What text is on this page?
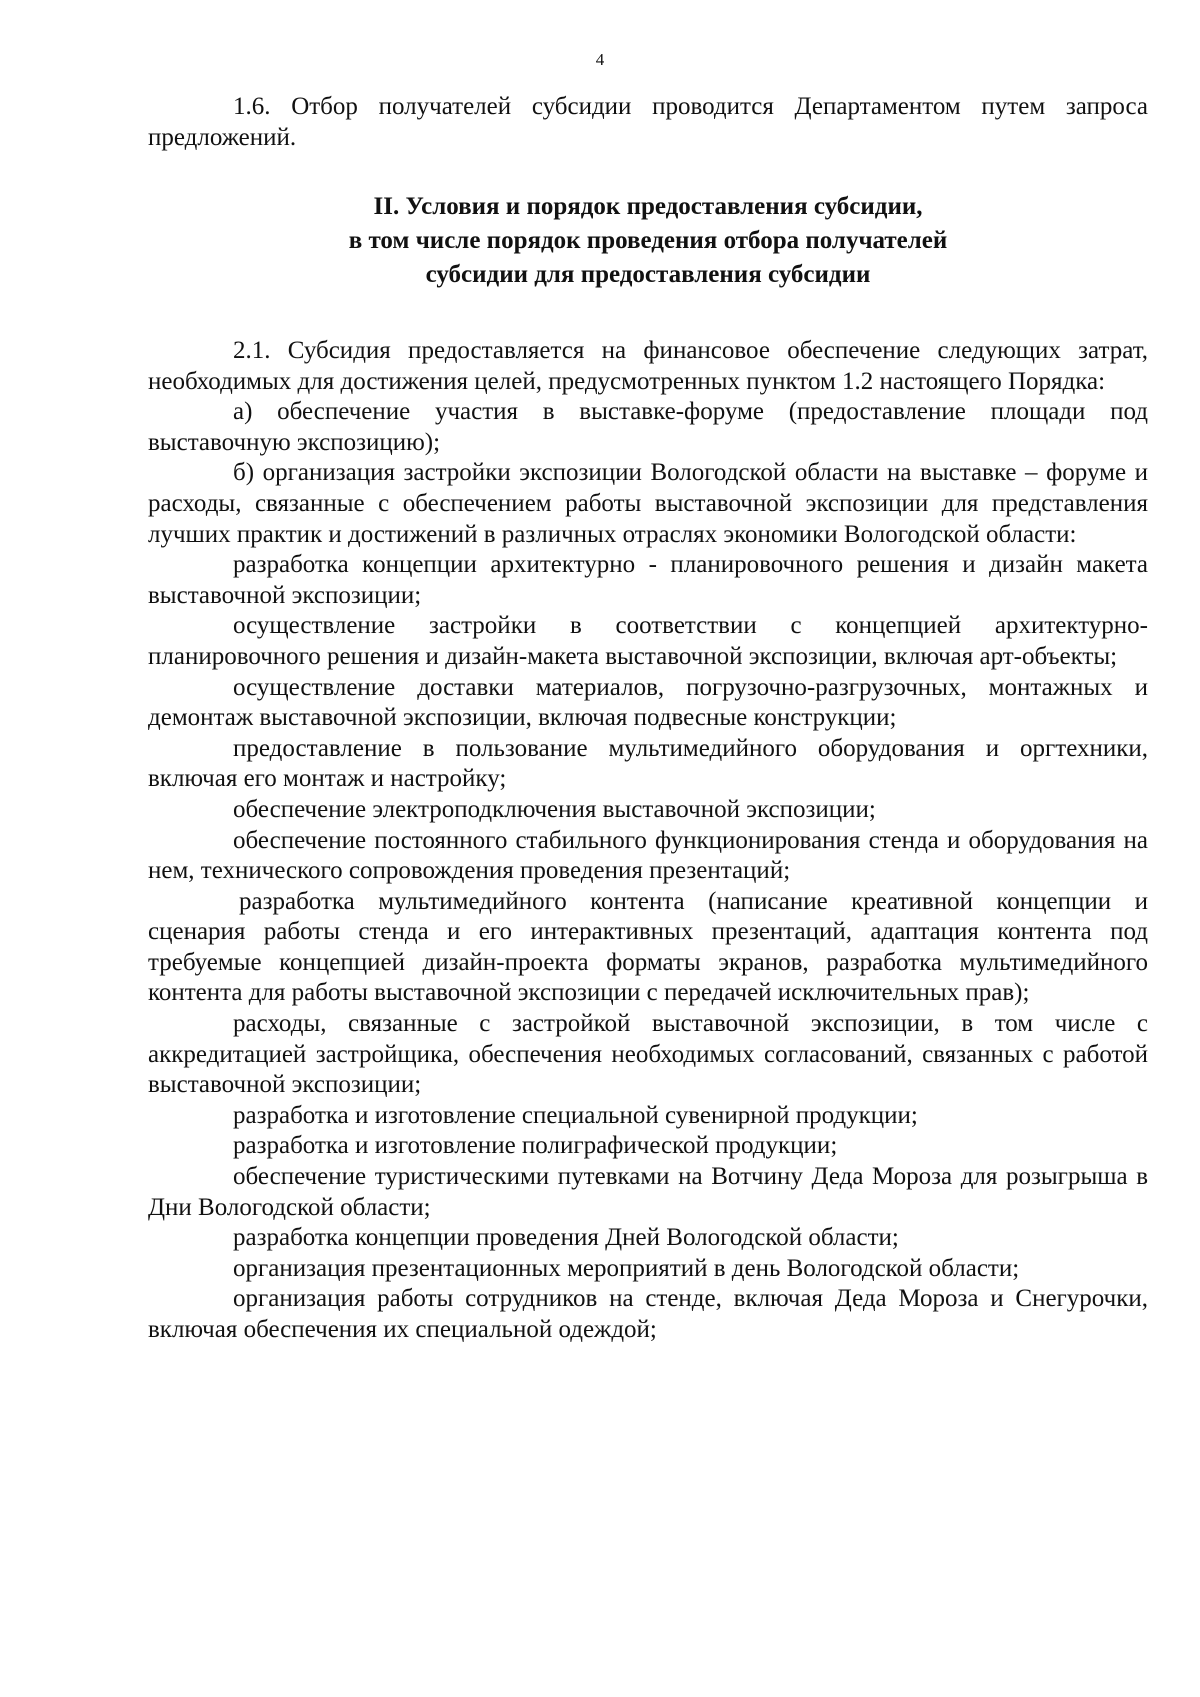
4

1.6. Отбор получателей субсидии проводится Департаментом путем запроса предложений.

II. Условия и порядок предоставления субсидии,
в том числе порядок проведения отбора получателей
субсидии для предоставления субсидии

2.1. Субсидия предоставляется на финансовое обеспечение следующих затрат, необходимых для достижения целей, предусмотренных пунктом 1.2 настоящего Порядка:

а) обеспечение участия в выставке-форуме (предоставление площади под выставочную экспозицию);

б) организация застройки экспозиции Вологодской области на выставке – форуме и расходы, связанные с обеспечением работы выставочной экспозиции для представления лучших практик и достижений в различных отраслях экономики Вологодской области:

разработка концепции архитектурно - планировочного решения и дизайн макета выставочной экспозиции;

осуществление застройки в соответствии с концепцией архитектурно-планировочного решения и дизайн-макета выставочной экспозиции, включая арт-объекты;

осуществление доставки материалов, погрузочно-разгрузочных, монтажных и демонтаж выставочной экспозиции, включая подвесные конструкции;

предоставление в пользование мультимедийного оборудования и оргтехники, включая его монтаж и настройку;

обеспечение электроподключения выставочной экспозиции;

обеспечение постоянного стабильного функционирования стенда и оборудования на нем, технического сопровождения проведения презентаций;

разработка мультимедийного контента (написание креативной концепции и сценария работы стенда и его интерактивных презентаций, адаптация контента под требуемые концепцией дизайн-проекта форматы экранов, разработка мультимедийного контента для работы выставочной экспозиции с передачей исключительных прав);

расходы, связанные с застройкой выставочной экспозиции, в том числе с аккредитацией застройщика, обеспечения необходимых согласований, связанных с работой выставочной экспозиции;

разработка и изготовление специальной сувенирной продукции;

разработка и изготовление полиграфической продукции;

обеспечение туристическими путевками на Вотчину Деда Мороза для розыгрыша в Дни Вологодской области;

разработка концепции проведения Дней Вологодской области;

организация презентационных мероприятий в день Вологодской области;

организация работы сотрудников на стенде, включая Деда Мороза и Снегурочки, включая обеспечения их специальной одеждой;
